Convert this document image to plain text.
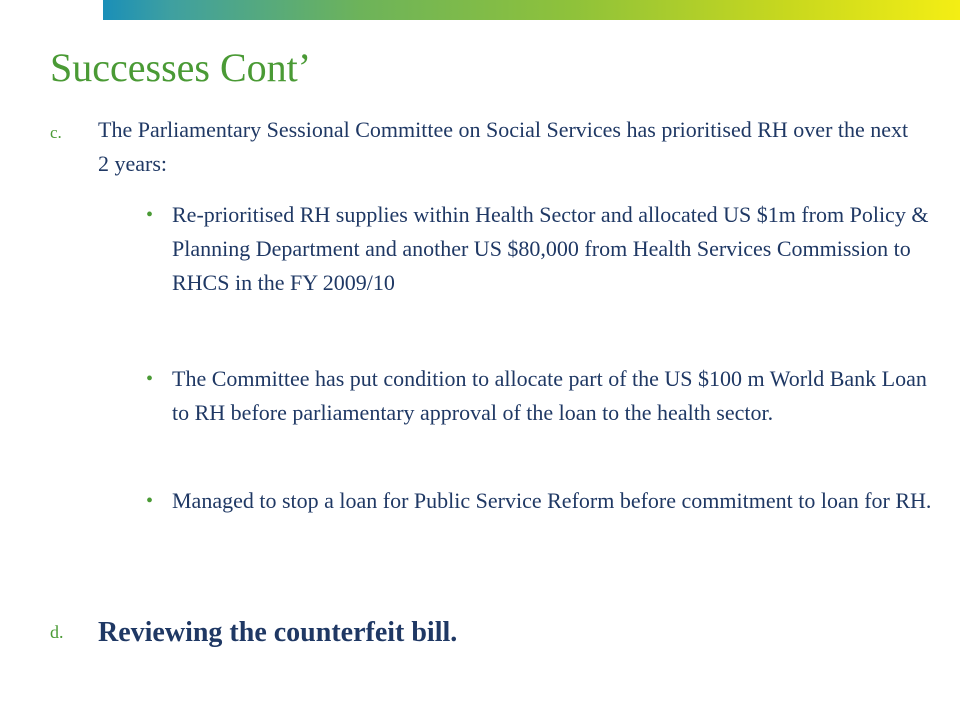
Successes Cont’
c. The Parliamentary Sessional Committee on Social Services has prioritised RH over the next 2 years:
• Re-prioritised RH supplies within Health Sector and allocated US $1m from Policy & Planning Department and another US $80,000 from Health Services Commission to RHCS in the FY 2009/10
• The Committee has put condition to allocate part of the US $100 m World Bank Loan to RH before parliamentary approval of the loan to the health sector.
• Managed to stop a loan for Public Service Reform before commitment to loan for RH.
d. Reviewing the counterfeit bill.
